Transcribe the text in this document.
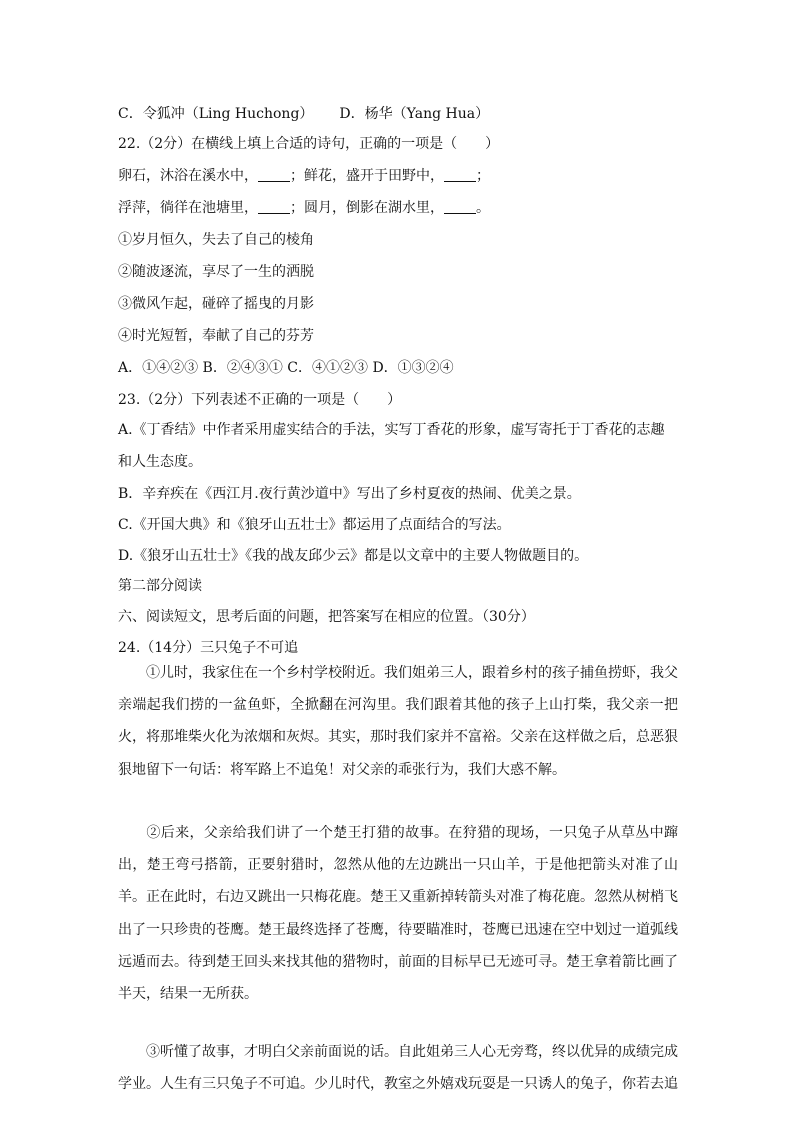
C．令狐冲（Ling Huchong） D．杨华（Yang Hua）
22.（2分）在横线上填上合适的诗句，正确的一项是（　　）
卵石，沐浴在溪水中， ；鲜花，盛开于田野中， ；
浮萍，徜徉在池塘里， ；圆月，倒影在湖水里， 。
①岁月恒久，失去了自己的棱角
②随波逐流，享尽了一生的洒脱
③微风乍起，碰碎了摇曳的月影
④时光短暂，奉献了自己的芬芳
A．①④②③ B．②④③① C．④①②③ D．①③②④
23.（2分）下列表述不正确的一项是（　　）
A.《丁香结》中作者采用虚实结合的手法，实写丁香花的形象，虚写寄托于丁香花的志趣
和人生态度。
B．辛弃疾在《西江月.夜行黄沙道中》写出了乡村夏夜的热闹、优美之景。
C.《开国大典》和《狼牙山五壮士》都运用了点面结合的写法。
D.《狼牙山五壮士》《我的战友邱少云》都是以文章中的主要人物做题目的。
第二部分阅读
六、阅读短文，思考后面的问题，把答案写在相应的位置。（30分）
24.（14分）三只兔子不可追
①儿时，我家住在一个乡村学校附近。我们姐弟三人，跟着乡村的孩子捕鱼捞虾，我父亲端起我们捞的一盆鱼虾，全掀翻在河沟里。我们跟着其他的孩子上山打柴，我父亲一把火，将那堆柴火化为浓烟和灰烬。其实，那时我们家并不富裕。父亲在这样做之后，总恶狠狠地留下一句话：将军路上不追兔！对父亲的乖张行为，我们大惑不解。
②后来，父亲给我们讲了一个楚王打猎的故事。在狩猎的现场，一只兔子从草丛中蹿出，楚王弯弓搭箭，正要射猎时，忽然从他的左边跳出一只山羊，于是他把箭头对准了山羊。正在此时，右边又跳出一只梅花鹿。楚王又重新掉转箭头对准了梅花鹿。忽然从树梢飞出了一只珍贵的苍鹰。楚王最终选择了苍鹰，待要瞄准时，苍鹰已迅速在空中划过一道弧线远遁而去。待到楚王回头来找其他的猎物时，前面的目标早已无迹可寻。楚王拿着箭比画了半天，结果一无所获。
③听懂了故事，才明白父亲前面说的话。自此姐弟三人心无旁骛，终以优异的成绩完成学业。人生有三只兔子不可追。少儿时代，教室之外嬉戏玩耍是一只诱人的兔子，你若去追
